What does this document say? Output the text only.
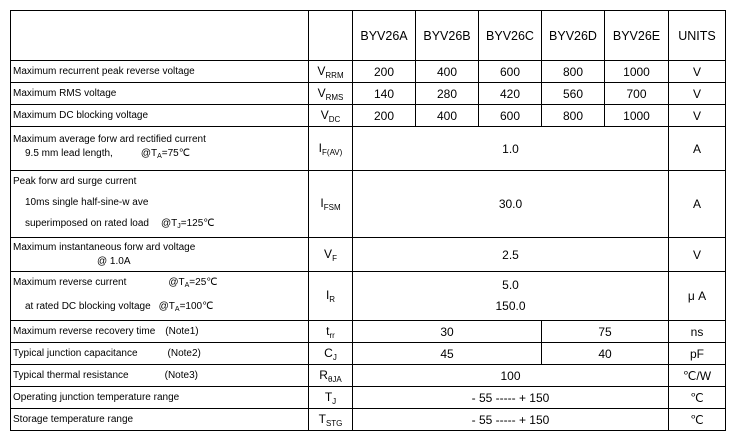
		BYV26A	BYV26B	BYV26C	BYV26D	BYV26E	UNITS
Maximum recurrent peak reverse voltage	$V_{RRM}$	200	400	600	800	1000	V
Maximum RMS voltage	$V_{RMS}$	140	280	420	560	700	V
Maximum DC blocking voltage	$V_{DC}$	200	400	600	800	1000	V

Maximum average forw ard rectified current
9.5 mm lead length, $@T_A=75℃$	$I_{F(AV)}$	1.0					A

Peak forw ard surge current
10ms single half-sine-w ave
superimposed on rated load $@T_J=125℃$	$I_{FSM}$	30.0					A

Maximum instantaneous forw ard voltage
@ 1.0A	$V_F$	2.5					V

Maximum reverse current $@T_A=25℃$
at rated DC blocking voltage $@T_A=100℃$	$I_R$	5.0
150.0					μ A
Maximum reverse recovery time (Note1)	$t_{rr}$	30			75		ns
Typical junction capacitance (Note2)	$C_J$	45			40		pF
Typical thermal resistance (Note3)	$R_{\theta JA}$	100					℃/W
Operating junction temperature range	$T_J$	- 55 ----- + 150					℃
Storage temperature range	$T_{STG}$	- 55 ----- + 150					℃
